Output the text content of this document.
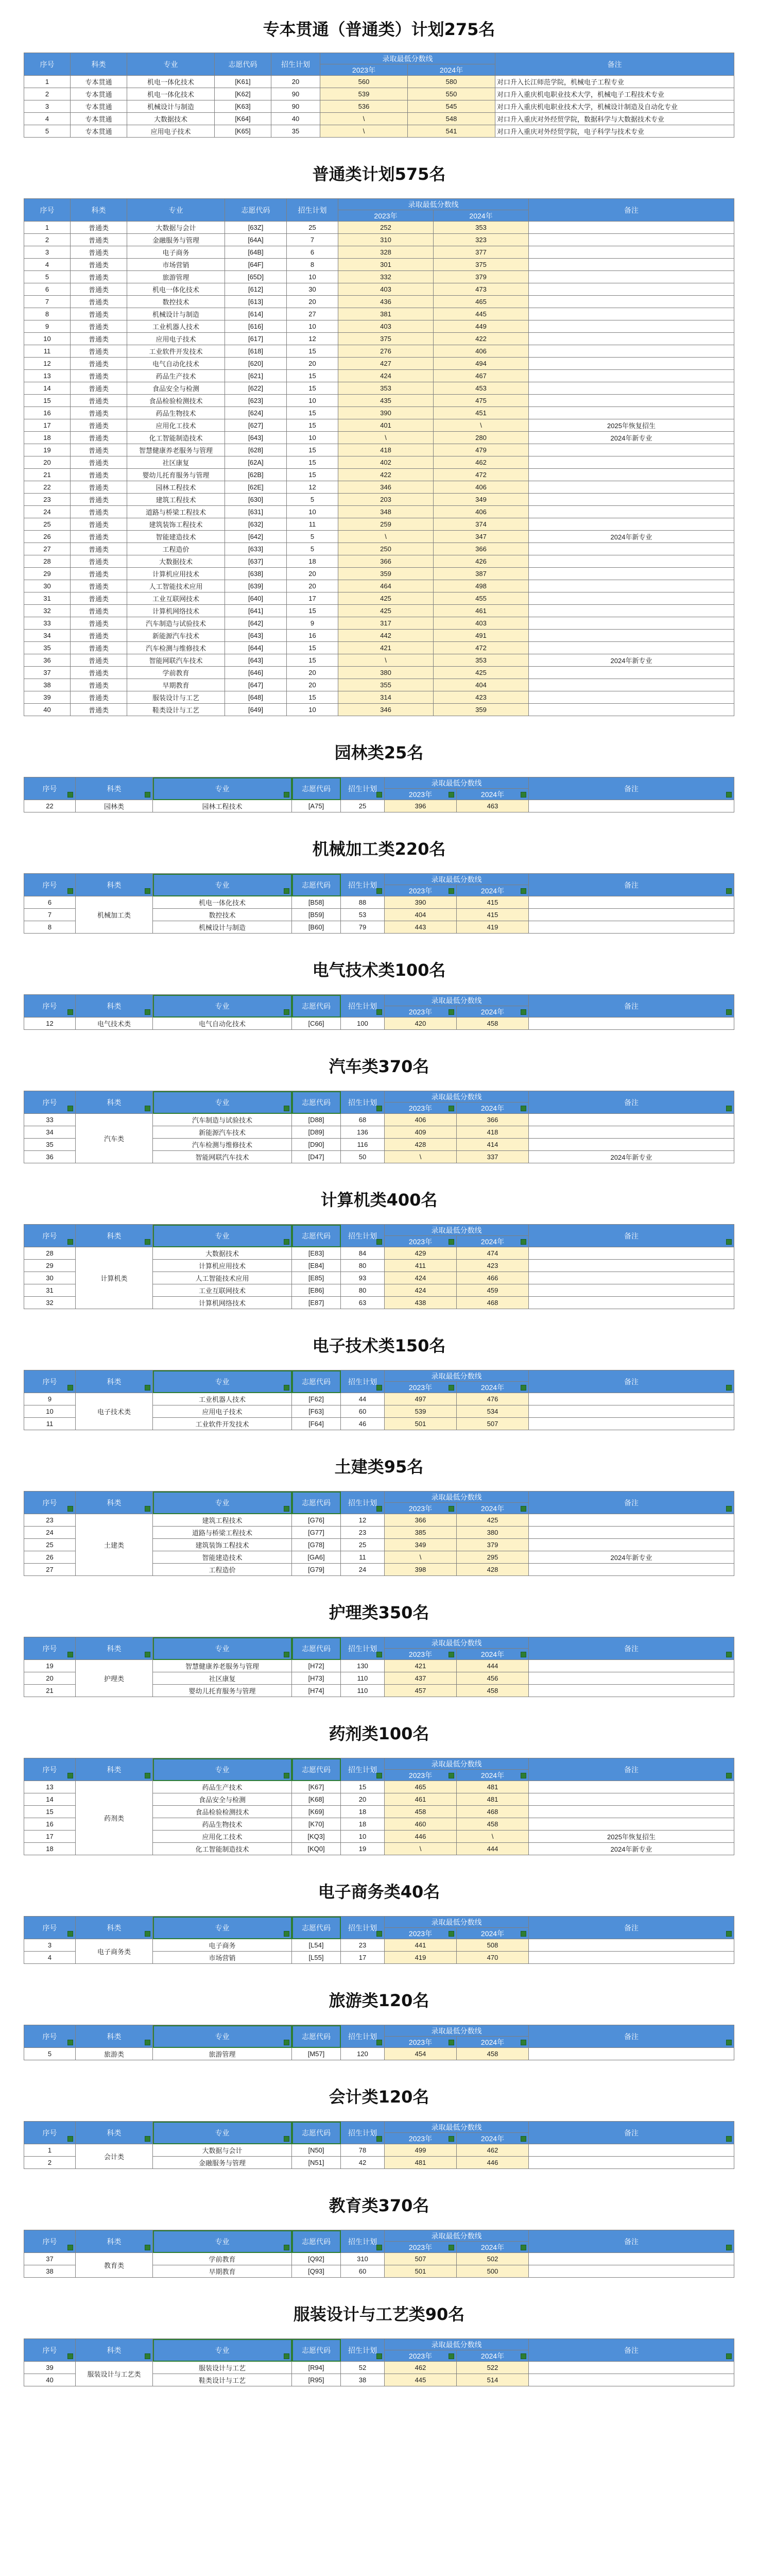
专本贯通（普通类）计划275名
序号	科类	专业	志愿代码	招生计划	录取最低分数线		备注
					2023年	2024年	
1	专本贯通	机电一体化技术	[K61]	20	560	580	对口升入长江师范学院，机械电子工程专业
2	专本贯通	机电一体化技术	[K62]	90	539	550	对口升入重庆机电职业技术大学，机械电子工程技术专业
3	专本贯通	机械设计与制造	[K63]	90	536	545	对口升入重庆机电职业技术大学，机械设计制造及自动化专业
4	专本贯通	大数据技术	[K64]	40	\	548	对口升入重庆对外经贸学院，数据科学与大数据技术专业
5	专本贯通	应用电子技术	[K65]	35	\	541	对口升入重庆对外经贸学院，电子科学与技术专业
普通类计划575名
序号	科类	专业	志愿代码	招生计划	录取最低分数线		备注
					2023年	2024年	
1	普通类	大数据与会计	[63Z]	25	252	353	
2	普通类	金融服务与管理	[64A]	7	310	323	
3	普通类	电子商务	[64B]	6	328	377	
4	普通类	市场营销	[64F]	8	301	375	
5	普通类	旅游管理	[65D]	10	332	379	
6	普通类	机电一体化技术	[612]	30	403	473	
7	普通类	数控技术	[613]	20	436	465	
8	普通类	机械设计与制造	[614]	27	381	445	
9	普通类	工业机器人技术	[616]	10	403	449	
10	普通类	应用电子技术	[617]	12	375	422	
11	普通类	工业软件开发技术	[618]	15	276	406	
12	普通类	电气自动化技术	[620]	20	427	494	
13	普通类	药品生产技术	[621]	15	424	467	
14	普通类	食品安全与检测	[622]	15	353	453	
15	普通类	食品检验检测技术	[623]	10	435	475	
16	普通类	药品生物技术	[624]	15	390	451	
17	普通类	应用化工技术	[627]	15	401	\	2025年恢复招生
18	普通类	化工智能制造技术	[643]	10	\	280	2024年新专业
19	普通类	智慧健康养老服务与管理	[628]	15	418	479	
20	普通类	社区康复	[62A]	15	402	462	
21	普通类	婴幼儿托育服务与管理	[62B]	15	422	472	
22	普通类	园林工程技术	[62E]	12	346	406	
23	普通类	建筑工程技术	[630]	5	203	349	
24	普通类	道路与桥梁工程技术	[631]	10	348	406	
25	普通类	建筑装饰工程技术	[632]	11	259	374	
26	普通类	智能建造技术	[642]	5	\	347	2024年新专业
27	普通类	工程造价	[633]	5	250	366	
28	普通类	大数据技术	[637]	18	366	426	
29	普通类	计算机应用技术	[638]	20	359	387	
30	普通类	人工智能技术应用	[639]	20	464	498	
31	普通类	工业互联网技术	[640]	17	425	455	
32	普通类	计算机网络技术	[641]	15	425	461	
33	普通类	汽车制造与试验技术	[642]	9	317	403	
34	普通类	新能源汽车技术	[643]	16	442	491	
35	普通类	汽车检测与维修技术	[644]	15	421	472	
36	普通类	智能网联汽车技术	[643]	15	\	353	2024年新专业
37	普通类	学前教育	[646]	20	380	425	
38	普通类	早期教育	[647]	20	355	404	
39	普通类	服装设计与工艺	[648]	15	314	423	
40	普通类	鞋类设计与工艺	[649]	10	346	359	
园林类25名
序号	科类	专业	志愿代码	招生计划	录取最低分数线		备注
					2023年	2024年	
22	园林类	园林工程技术	[A75]	25	396	463	
机械加工类220名
序号	科类	专业	志愿代码	招生计划	录取最低分数线		备注
					2023年	2024年	
6	机械加工类	机电一体化技术	[B58]	88	390	415	
7		数控技术	[B59]	53	404	415	
8		机械设计与制造	[B60]	79	443	419	
电气技术类100名
序号	科类	专业	志愿代码	招生计划	录取最低分数线		备注
					2023年	2024年	
12	电气技术类	电气自动化技术	[C66]	100	420	458	
汽车类370名
序号	科类	专业	志愿代码	招生计划	录取最低分数线		备注
					2023年	2024年	
33	汽车类	汽车制造与试验技术	[D88]	68	406	366	
34		新能源汽车技术	[D89]	136	409	418	
35		汽车检测与维修技术	[D90]	116	428	414	
36		智能网联汽车技术	[D47]	50	\	337	2024年新专业
计算机类400名
序号	科类	专业	志愿代码	招生计划	录取最低分数线		备注
					2023年	2024年	
28	计算机类	大数据技术	[E83]	84	429	474	
29		计算机应用技术	[E84]	80	411	423	
30		人工智能技术应用	[E85]	93	424	466	
31		工业互联网技术	[E86]	80	424	459	
32		计算机网络技术	[E87]	63	438	468	
电子技术类150名
序号	科类	专业	志愿代码	招生计划	录取最低分数线		备注
					2023年	2024年	
9	电子技术类	工业机器人技术	[F62]	44	497	476	
10		应用电子技术	[F63]	60	539	534	
11		工业软件开发技术	[F64]	46	501	507	
土建类95名
序号	科类	专业	志愿代码	招生计划	录取最低分数线		备注
					2023年	2024年	
23	土建类	建筑工程技术	[G76]	12	366	425	
24		道路与桥梁工程技术	[G77]	23	385	380	
25		建筑装饰工程技术	[G78]	25	349	379	
26		智能建造技术	[GA6]	11	\	295	2024年新专业
27		工程造价	[G79]	24	398	428	
护理类350名
序号	科类	专业	志愿代码	招生计划	录取最低分数线		备注
					2023年	2024年	
19	护理类	智慧健康养老服务与管理	[H72]	130	421	444	
20		社区康复	[H73]	110	437	456	
21		婴幼儿托育服务与管理	[H74]	110	457	458	
药剂类100名
序号	科类	专业	志愿代码	招生计划	录取最低分数线		备注
					2023年	2024年	
13	药剂类	药品生产技术	[K67]	15	465	481	
14		食品安全与检测	[K68]	20	461	481	
15		食品检验检测技术	[K69]	18	458	468	
16		药品生物技术	[K70]	18	460	458	
17		应用化工技术	[KQ3]	10	446	\	2025年恢复招生
18		化工智能制造技术	[KQ0]	19	\	444	2024年新专业
电子商务类40名
序号	科类	专业	志愿代码	招生计划	录取最低分数线		备注
					2023年	2024年	
3	电子商务类	电子商务	[L54]	23	441	508	
4		市场营销	[L55]	17	419	470	
旅游类120名
序号	科类	专业	志愿代码	招生计划	录取最低分数线		备注
					2023年	2024年	
5	旅游类	旅游管理	[M57]	120	454	458	
会计类120名
序号	科类	专业	志愿代码	招生计划	录取最低分数线		备注
					2023年	2024年	
1	会计类	大数据与会计	[N50]	78	499	462	
2		金融服务与管理	[N51]	42	481	446	
教育类370名
序号	科类	专业	志愿代码	招生计划	录取最低分数线		备注
					2023年	2024年	
37	教育类	学前教育	[Q92]	310	507	502	
38		早期教育	[Q93]	60	501	500	
服装设计与工艺类90名
序号	科类	专业	志愿代码	招生计划	录取最低分数线		备注
					2023年	2024年	
39	服装设计与工艺类	服装设计与工艺	[R94]	52	462	522	
40		鞋类设计与工艺	[R95]	38	445	514	
